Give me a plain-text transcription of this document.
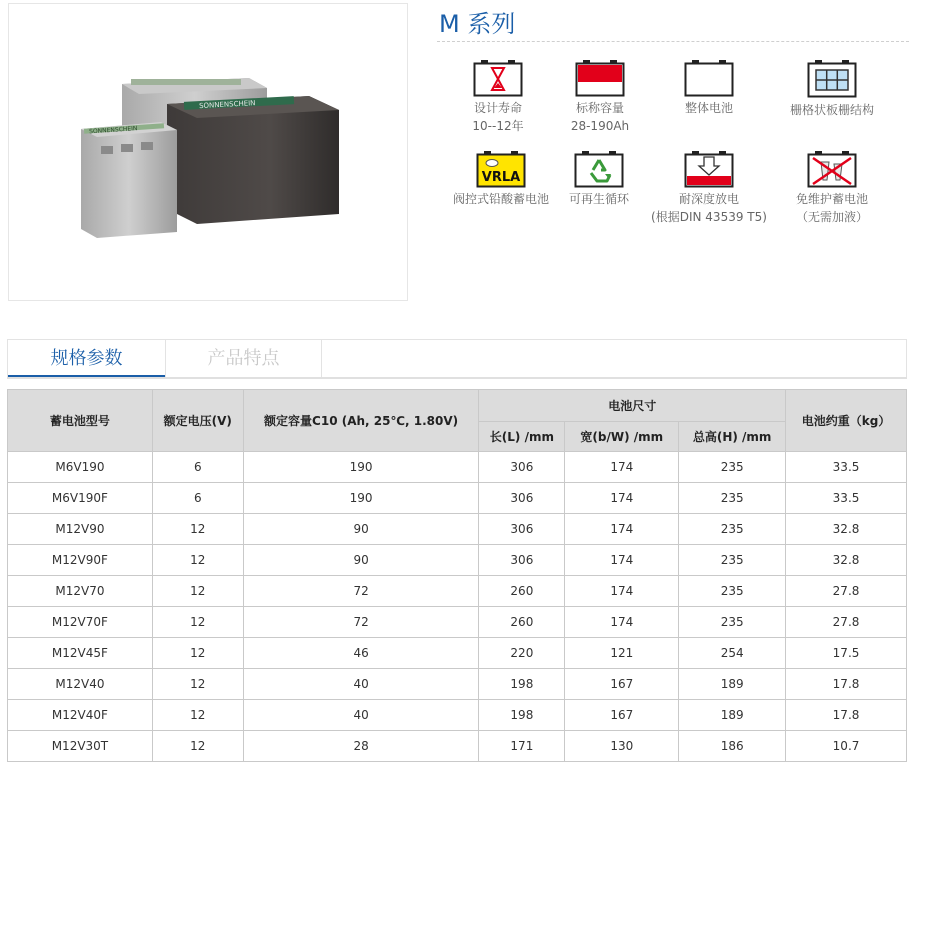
SONNENSCHEIN
SONNENSCHEIN
M 系列
设计寿命
10--12年
标称容量
28-190Ah
整体电池	栅格状板栅结构
VRLA
阀控式铅酸蓄电池	可再生循环	耐深度放电
(根据DIN 43539 T5)
免维护蓄电池
（无需加液）
规格参数	产品特点
蓄电池型号	额定电压(V)	额定容量C10 (Ah, 25℃, 1.80V)	电池尺寸			电池约重（kg）
			长(L) /mm	宽(b/W) /mm	总高(H) /mm	
M6V190	6	190	306	174	235	33.5
M6V190F	6	190	306	174	235	33.5
M12V90	12	90	306	174	235	32.8
M12V90F	12	90	306	174	235	32.8
M12V70	12	72	260	174	235	27.8
M12V70F	12	72	260	174	235	27.8
M12V45F	12	46	220	121	254	17.5
M12V40	12	40	198	167	189	17.8
M12V40F	12	40	198	167	189	17.8
M12V30T	12	28	171	130	186	10.7
